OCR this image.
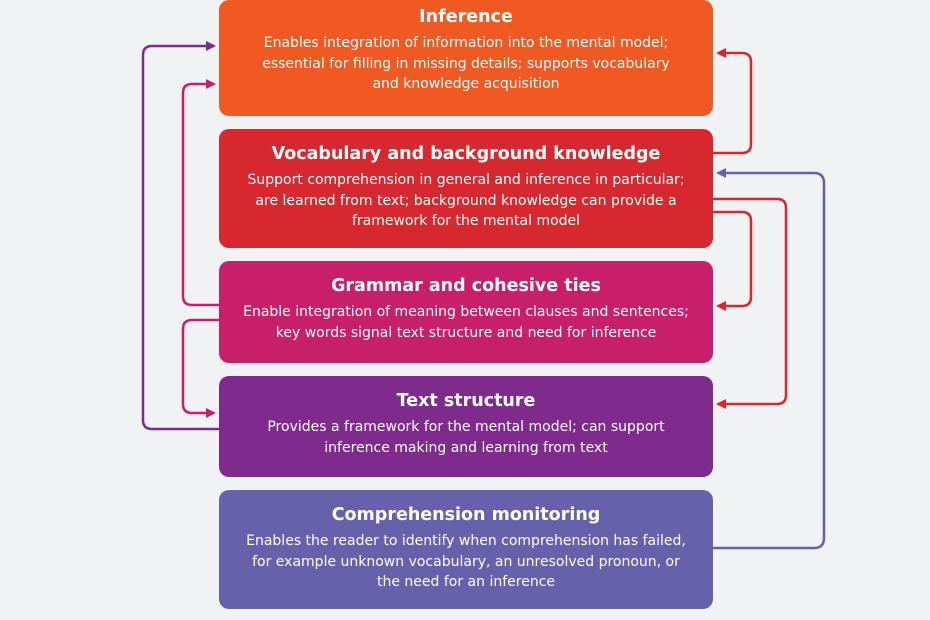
Inference
Enables integration of information into the mental model;
essential for filling in missing details; supports vocabulary
and knowledge acquisition
Vocabulary and background knowledge
Support comprehension in general and inference in particular;
are learned from text; background knowledge can provide a
framework for the mental model
Grammar and cohesive ties
Enable integration of meaning between clauses and sentences;
key words signal text structure and need for inference
Text structure
Provides a framework for the mental model; can support
inference making and learning from text
Comprehension monitoring
Enables the reader to identify when comprehension has failed,
for example unknown vocabulary, an unresolved pronoun, or
the need for an inference
